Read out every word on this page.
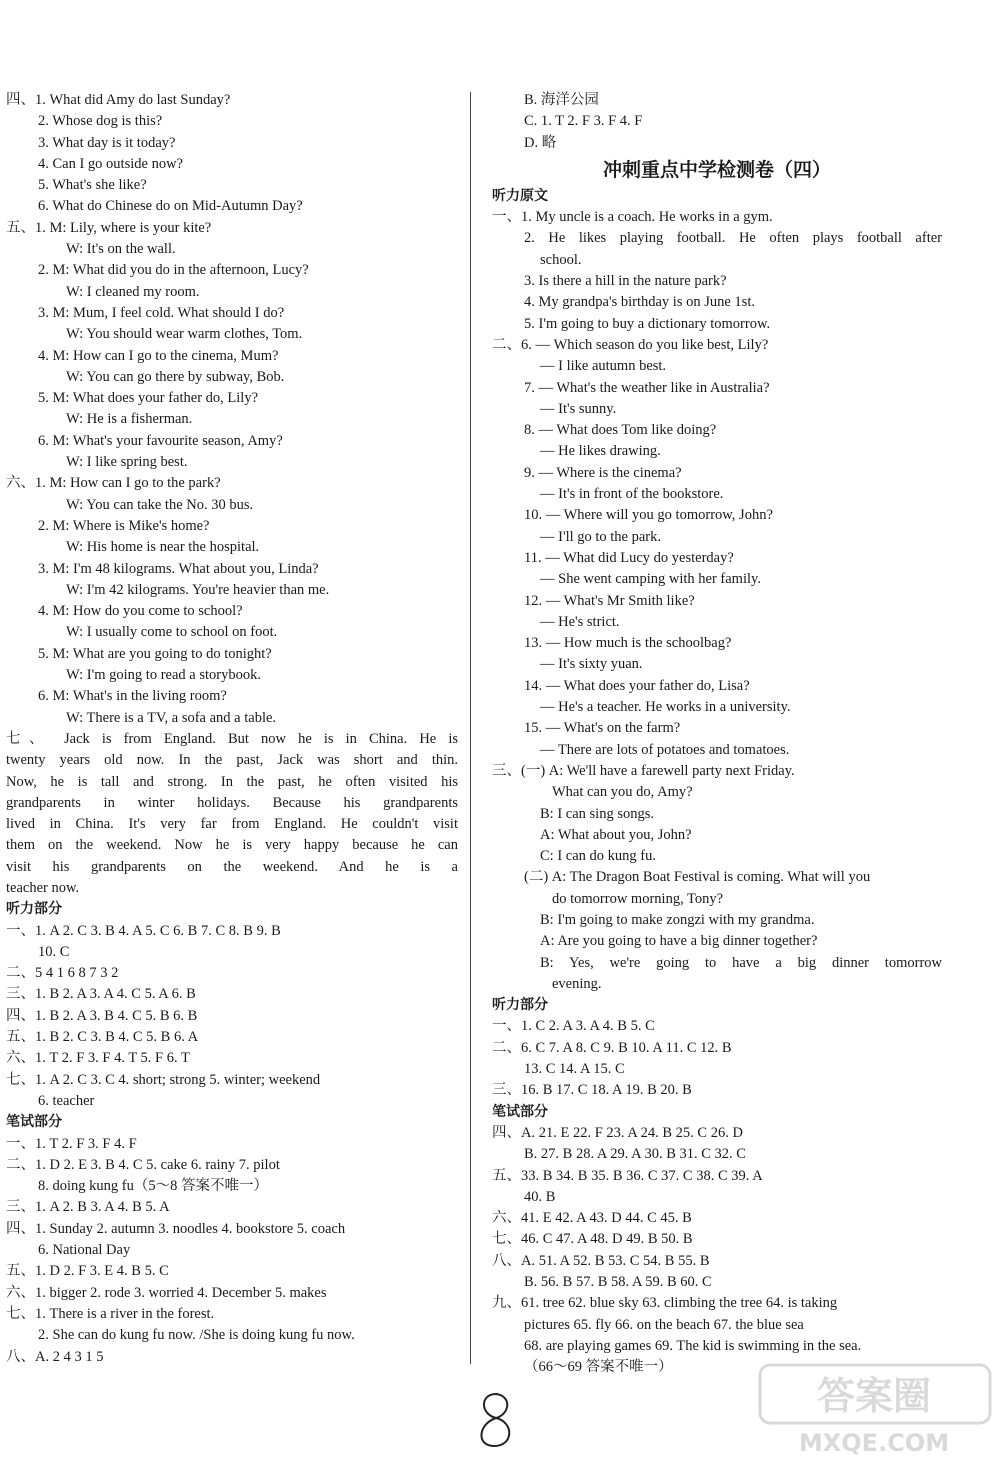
四、1. What did Amy do last Sunday?
2. Whose dog is this?
3. What day is it today?
4. Can I go outside now?
5. What's she like?
6. What do Chinese do on Mid-Autumn Day?
五、1. M: Lily, where is your kite?
W: It's on the wall.
2. M: What did you do in the afternoon, Lucy?
W: I cleaned my room.
3. M: Mum, I feel cold. What should I do?
W: You should wear warm clothes, Tom.
4. M: How can I go to the cinema, Mum?
W: You can go there by subway, Bob.
5. M: What does your father do, Lily?
W: He is a fisherman.
6. M: What's your favourite season, Amy?
W: I like spring best.
六、1. M: How can I go to the park?
W: You can take the No. 30 bus.
2. M: Where is Mike's home?
W: His home is near the hospital.
3. M: I'm 48 kilograms. What about you, Linda?
W: I'm 42 kilograms. You're heavier than me.
4. M: How do you come to school?
W: I usually come to school on foot.
5. M: What are you going to do tonight?
W: I'm going to read a storybook.
6. M: What's in the living room?
W: There is a TV, a sofa and a table.
七、 Jack is from England. But now he is in China. He is
twenty years old now. In the past, Jack was short and thin.
Now, he is tall and strong. In the past, he often visited his
grandparents in winter holidays. Because his grandparents
lived in China. It's very far from England. He couldn't visit
them on the weekend. Now he is very happy because he can
visit his grandparents on the weekend. And he is a
teacher now.
听力部分
一、1. A 2. C 3. B 4. A 5. C 6. B 7. C 8. B 9. B
10. C
二、5 4 1 6 8 7 3 2
三、1. B 2. A 3. A 4. C 5. A 6. B
四、1. B 2. A 3. B 4. C 5. B 6. B
五、1. B 2. C 3. B 4. C 5. B 6. A
六、1. T 2. F 3. F 4. T 5. F 6. T
七、1. A 2. C 3. C 4. short; strong 5. winter; weekend
6. teacher
笔试部分
一、1. T 2. F 3. F 4. F
二、1. D 2. E 3. B 4. C 5. cake 6. rainy 7. pilot
8. doing kung fu（5～8 答案不唯一）
三、1. A 2. B 3. A 4. B 5. A
四、1. Sunday 2. autumn 3. noodles 4. bookstore 5. coach
6. National Day
五、1. D 2. F 3. E 4. B 5. C
六、1. bigger 2. rode 3. worried 4. December 5. makes
七、1. There is a river in the forest.
2. She can do kung fu now. /She is doing kung fu now.
八、A. 2 4 3 1 5
B. 海洋公园
C. 1. T 2. F 3. F 4. F
D. 略
冲刺重点中学检测卷（四）
听力原文
一、1. My uncle is a coach. He works in a gym.
2. He likes playing football. He often plays football after
school.
3. Is there a hill in the nature park?
4. My grandpa's birthday is on June 1st.
5. I'm going to buy a dictionary tomorrow.
二、6. — Which season do you like best, Lily?
— I like autumn best.
7. — What's the weather like in Australia?
— It's sunny.
8. — What does Tom like doing?
— He likes drawing.
9. — Where is the cinema?
— It's in front of the bookstore.
10. — Where will you go tomorrow, John?
— I'll go to the park.
11. — What did Lucy do yesterday?
— She went camping with her family.
12. — What's Mr Smith like?
— He's strict.
13. — How much is the schoolbag?
— It's sixty yuan.
14. — What does your father do, Lisa?
— He's a teacher. He works in a university.
15. — What's on the farm?
— There are lots of potatoes and tomatoes.
三、(一) A: We'll have a farewell party next Friday.
What can you do, Amy?
B: I can sing songs.
A: What about you, John?
C: I can do kung fu.
(二) A: The Dragon Boat Festival is coming. What will you
do tomorrow morning, Tony?
B: I'm going to make zongzi with my grandma.
A: Are you going to have a big dinner together?
B: Yes, we're going to have a big dinner tomorrow
evening.
听力部分
一、1. C 2. A 3. A 4. B 5. C
二、6. C 7. A 8. C 9. B 10. A 11. C 12. B
13. C 14. A 15. C
三、16. B 17. C 18. A 19. B 20. B
笔试部分
四、A. 21. E 22. F 23. A 24. B 25. C 26. D
B. 27. B 28. A 29. A 30. B 31. C 32. C
五、33. B 34. B 35. B 36. C 37. C 38. C 39. A
40. B
六、41. E 42. A 43. D 44. C 45. B
七、46. C 47. A 48. D 49. B 50. B
八、A. 51. A 52. B 53. C 54. B 55. B
B. 56. B 57. B 58. A 59. B 60. C
九、61. tree 62. blue sky 63. climbing the tree 64. is taking
pictures 65. fly 66. on the beach 67. the blue sea
68. are playing games 69. The kid is swimming in the sea.
（66～69 答案不唯一）
答案圈
MXQE.COM
